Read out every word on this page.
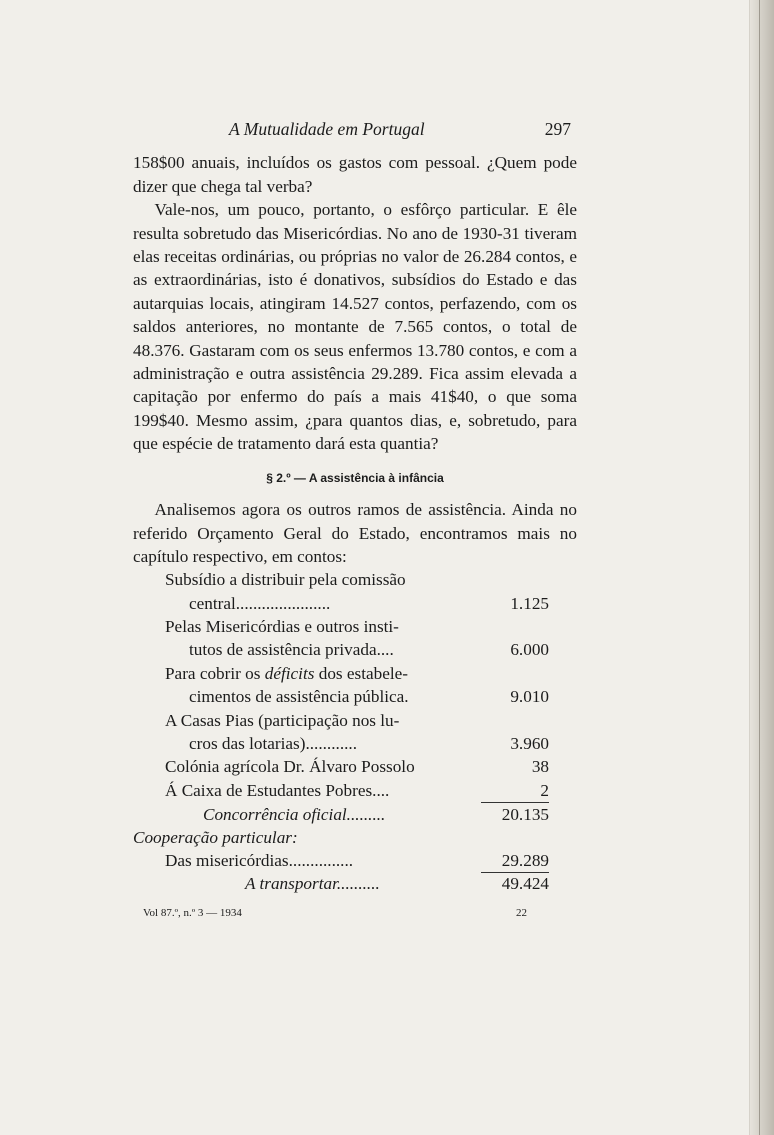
A Mutualidade em Portugal	297

158$00 anuais, incluídos os gastos com pessoal. ¿Quem pode dizer que chega tal verba?

Vale-nos, um pouco, portanto, o esfôrço particular. E êle resulta sobretudo das Misericórdias. No ano de 1930-31 tiveram elas receitas ordinárias, ou próprias no valor de 26.284 contos, e as extraordinárias, isto é donativos, subsídios do Estado e das autarquias locais, atingiram 14.527 contos, perfazendo, com os saldos anteriores, no montante de 7.565 contos, o total de 48.376. Gastaram com os seus enfermos 13.780 contos, e com a administração e outra assistência 29.289. Fica assim elevada a capitação por enfermo do país a mais 41$40, o que soma 199$40. Mesmo assim, ¿para quantos dias, e, sobretudo, para que espécie de tratamento dará esta quantia?

§ 2.º — A assistência à infância

Analisemos agora os outros ramos de assistência. Ainda no referido Orçamento Geral do Estado, encontramos mais no capítulo respectivo, em contos:

Subsídio a distribuir pela comissão
central......................	1.125
Pelas Misericórdias e outros insti-
tutos de assistência privada....	6.000
Para cobrir os déficits dos estabele-
cimentos de assistência pública.	9.010
A Casas Pias (participação nos lu-
cros das lotarias)............	3.960
Colónia agrícola Dr. Álvaro Possolo	38
Á Caixa de Estudantes Pobres....	2
Concorrência oficial.........	20.135
Cooperação particular:
Das misericórdias...............	29.289
A transportar..........	49.424
Vol 87.º, n.º 3 — 1934	22
